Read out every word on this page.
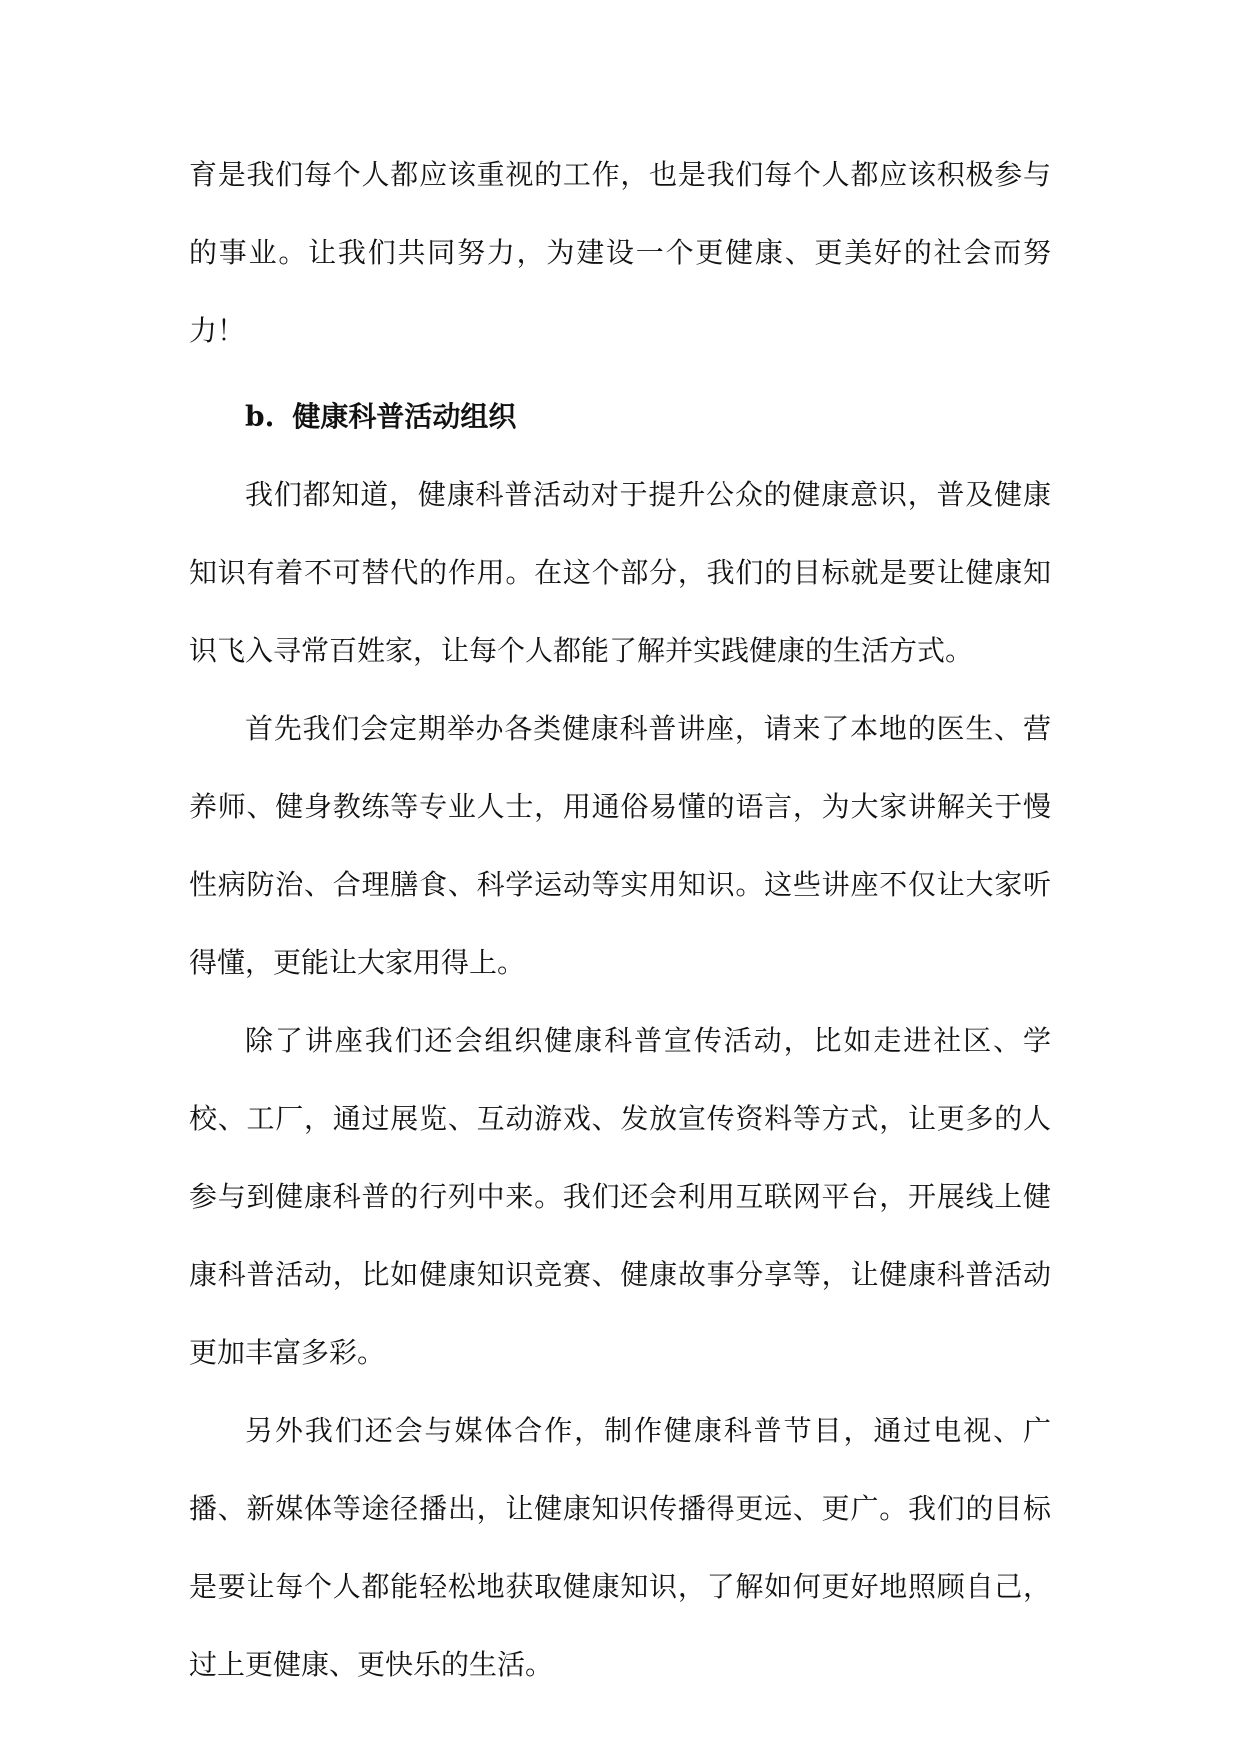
育是我们每个人都应该重视的工作，也是我们每个人都应该积极参与的事业。让我们共同努力，为建设一个更健康、更美好的社会而努力！

b. 健康科普活动组织

我们都知道，健康科普活动对于提升公众的健康意识，普及健康知识有着不可替代的作用。在这个部分，我们的目标就是要让健康知识飞入寻常百姓家，让每个人都能了解并实践健康的生活方式。

首先我们会定期举办各类健康科普讲座，请来了本地的医生、营养师、健身教练等专业人士，用通俗易懂的语言，为大家讲解关于慢性病防治、合理膳食、科学运动等实用知识。这些讲座不仅让大家听得懂，更能让大家用得上。

除了讲座我们还会组织健康科普宣传活动，比如走进社区、学校、工厂，通过展览、互动游戏、发放宣传资料等方式，让更多的人参与到健康科普的行列中来。我们还会利用互联网平台，开展线上健康科普活动，比如健康知识竞赛、健康故事分享等，让健康科普活动更加丰富多彩。

另外我们还会与媒体合作，制作健康科普节目，通过电视、广播、新媒体等途径播出，让健康知识传播得更远、更广。我们的目标是要让每个人都能轻松地获取健康知识，了解如何更好地照顾自己，过上更健康、更快乐的生活。
